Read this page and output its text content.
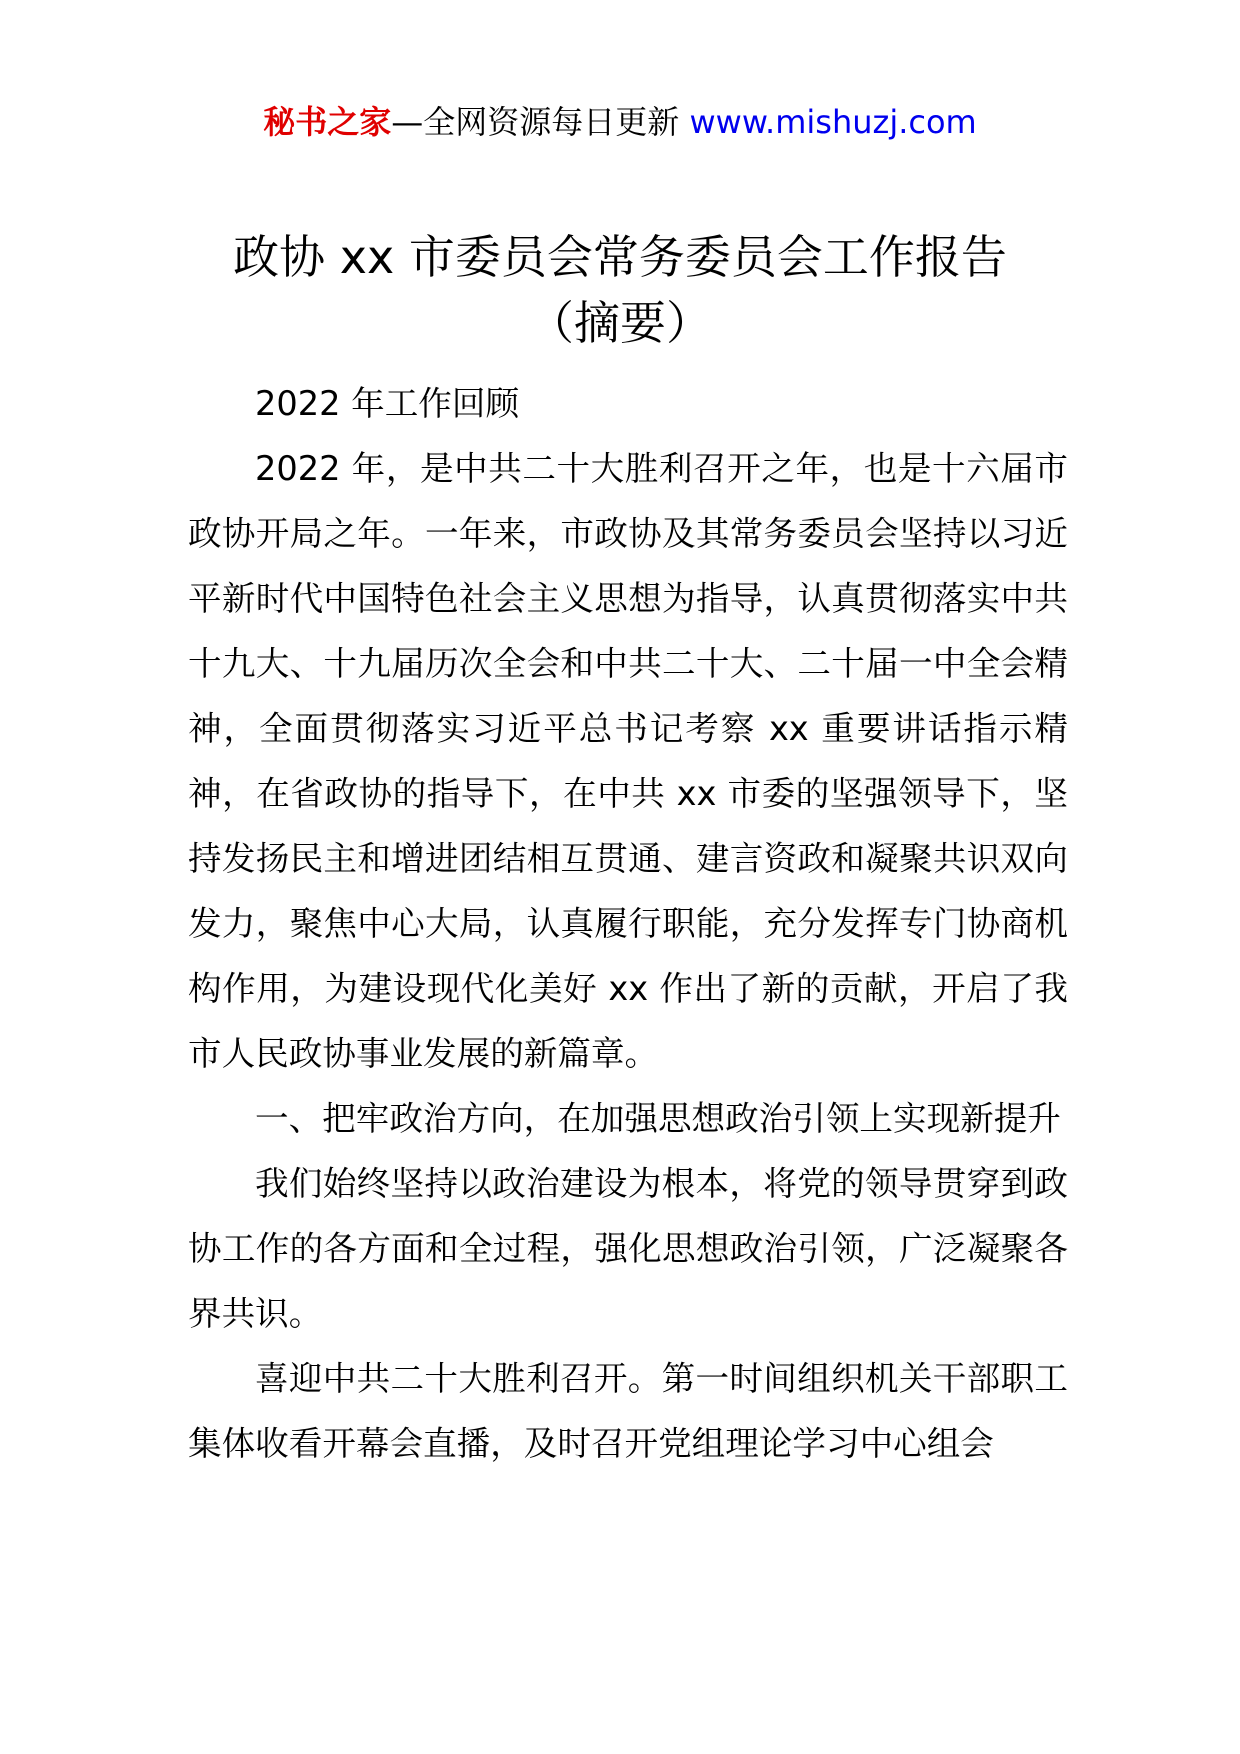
秘书之家—全网资源每日更新 www.mishuzj.com
政协 xx 市委员会常务委员会工作报告
（摘要）

2022 年工作回顾

2022 年，是中共二十大胜利召开之年，也是十六届市政协开局之年。一年来，市政协及其常务委员会坚持以习近平新时代中国特色社会主义思想为指导，认真贯彻落实中共十九大、十九届历次全会和中共二十大、二十届一中全会精神，全面贯彻落实习近平总书记考察 xx 重要讲话指示精神，在省政协的指导下，在中共 xx 市委的坚强领导下，坚持发扬民主和增进团结相互贯通、建言资政和凝聚共识双向发力，聚焦中心大局，认真履行职能，充分发挥专门协商机构作用，为建设现代化美好 xx 作出了新的贡献，开启了我市人民政协事业发展的新篇章。

一、把牢政治方向，在加强思想政治引领上实现新提升

我们始终坚持以政治建设为根本，将党的领导贯穿到政协工作的各方面和全过程，强化思想政治引领，广泛凝聚各界共识。

喜迎中共二十大胜利召开。第一时间组织机关干部职工集体收看开幕会直播，及时召开党组理论学习中心组会
